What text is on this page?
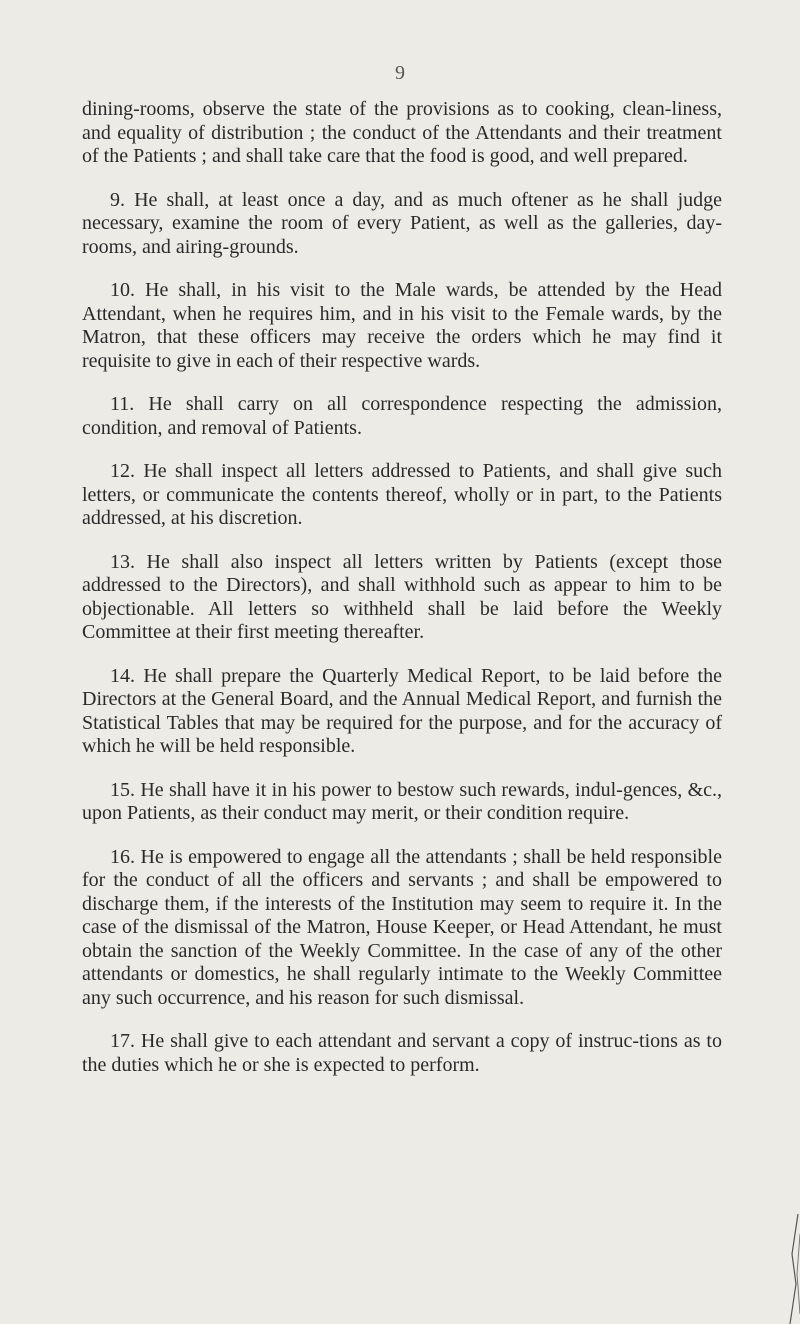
9

dining-rooms, observe the state of the provisions as to cooking, clean-liness, and equality of distribution ; the conduct of the Attendants and their treatment of the Patients ; and shall take care that the food is good, and well prepared.

9. He shall, at least once a day, and as much oftener as he shall judge necessary, examine the room of every Patient, as well as the galleries, day-rooms, and airing-grounds.

10. He shall, in his visit to the Male wards, be attended by the Head Attendant, when he requires him, and in his visit to the Female wards, by the Matron, that these officers may receive the orders which he may find it requisite to give in each of their respective wards.

11. He shall carry on all correspondence respecting the admission, condition, and removal of Patients.

12. He shall inspect all letters addressed to Patients, and shall give such letters, or communicate the contents thereof, wholly or in part, to the Patients addressed, at his discretion.

13. He shall also inspect all letters written by Patients (except those addressed to the Directors), and shall withhold such as appear to him to be objectionable. All letters so withheld shall be laid before the Weekly Committee at their first meeting thereafter.

14. He shall prepare the Quarterly Medical Report, to be laid before the Directors at the General Board, and the Annual Medical Report, and furnish the Statistical Tables that may be required for the purpose, and for the accuracy of which he will be held responsible.

15. He shall have it in his power to bestow such rewards, indul-gences, &c., upon Patients, as their conduct may merit, or their condition require.

16. He is empowered to engage all the attendants ; shall be held responsible for the conduct of all the officers and servants ; and shall be empowered to discharge them, if the interests of the Institution may seem to require it. In the case of the dismissal of the Matron, House Keeper, or Head Attendant, he must obtain the sanction of the Weekly Committee. In the case of any of the other attendants or domestics, he shall regularly intimate to the Weekly Committee any such occurrence, and his reason for such dismissal.

17. He shall give to each attendant and servant a copy of instruc-tions as to the duties which he or she is expected to perform.
